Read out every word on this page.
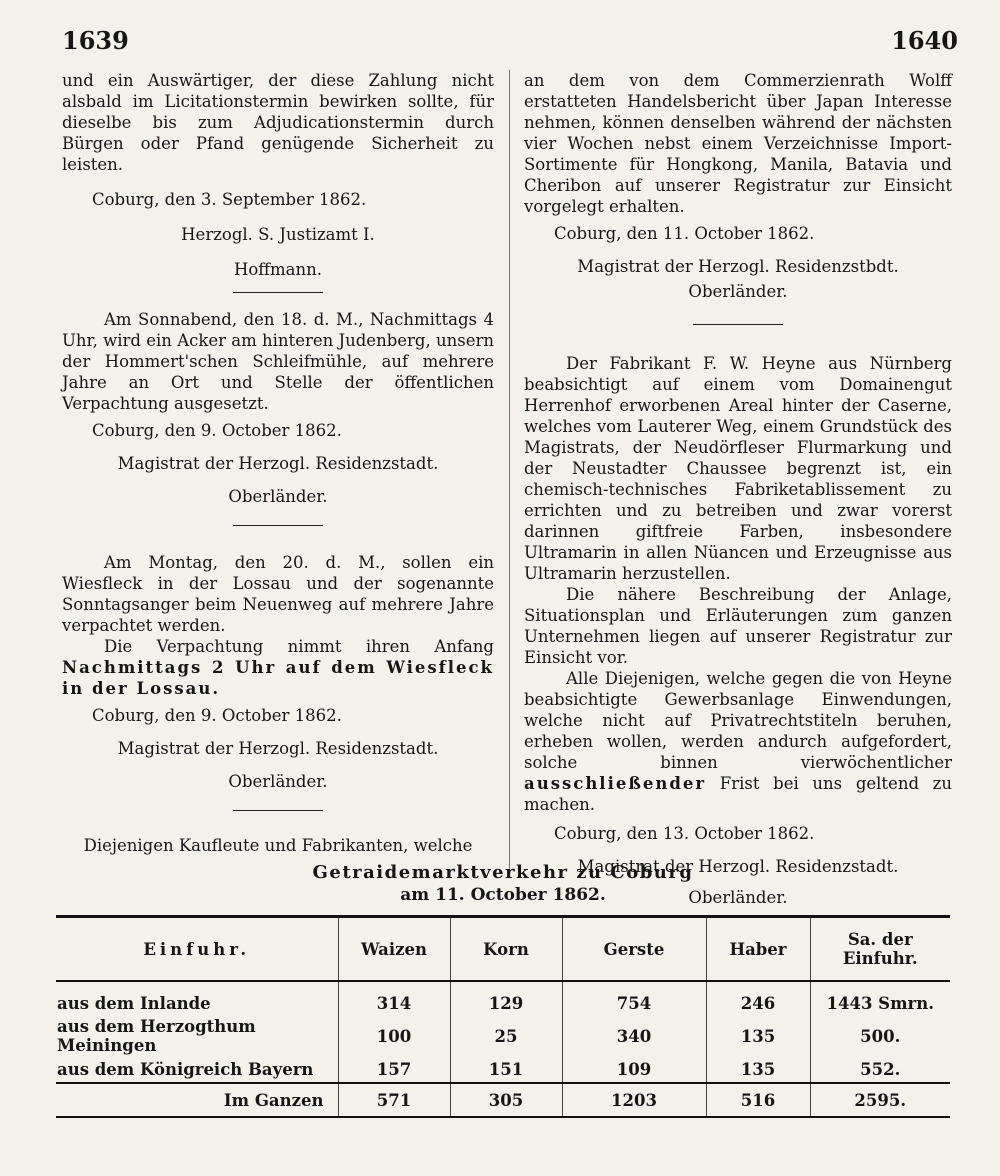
1639	1640

und ein Auswärtiger, der diese Zahlung nicht alsbald im Licitationstermin bewirken sollte, für dieselbe bis zum Adjudicationstermin durch Bürgen oder Pfand genügende Sicherheit zu leisten.

Coburg, den 3. September 1862.

Herzogl. S. Justizamt I.

Hoffmann.

Am Sonnabend, den 18. d. M., Nachmittags 4 Uhr, wird ein Acker am hinteren Judenberg, unsern der Hommert'schen Schleifmühle, auf mehrere Jahre an Ort und Stelle der öffentlichen Verpachtung ausgesetzt.

Coburg, den 9. October 1862.

Magistrat der Herzogl. Residenzstadt.

Oberländer.

Am Montag, den 20. d. M., sollen ein Wiesfleck in der Lossau und der sogenannte Sonntagsanger beim Neuenweg auf mehrere Jahre verpachtet werden.

Die Verpachtung nimmt ihren Anfang Nachmittags 2 Uhr auf dem Wiesfleck in der Lossau.

Coburg, den 9. October 1862.

Magistrat der Herzogl. Residenzstadt.

Oberländer.

Diejenigen Kaufleute und Fabrikanten, welche

an dem von dem Commerzienrath Wolff erstatteten Handelsbericht über Japan Interesse nehmen, können denselben während der nächsten vier Wochen nebst einem Verzeichnisse Import-Sortimente für Hongkong, Manila, Batavia und Cheribon auf unserer Registratur zur Einsicht vorgelegt erhalten.

Coburg, den 11. October 1862.

Magistrat der Herzogl. Residenzstbdt.

Oberländer.

Der Fabrikant F. W. Heyne aus Nürnberg beabsichtigt auf einem vom Domainengut Herrenhof erworbenen Areal hinter der Caserne, welches vom Lauterer Weg, einem Grundstück des Magistrats, der Neudörfleser Flurmarkung und der Neustadter Chaussee begrenzt ist, ein chemisch-technisches Fabriketablissement zu errichten und zu betreiben und zwar vorerst darinnen giftfreie Farben, insbesondere Ultramarin in allen Nüancen und Erzeugnisse aus Ultramarin herzustellen.

Die nähere Beschreibung der Anlage, Situationsplan und Erläuterungen zum ganzen Unternehmen liegen auf unserer Registratur zur Einsicht vor.

Alle Diejenigen, welche gegen die von Heyne beabsichtigte Gewerbsanlage Einwendungen, welche nicht auf Privatrechtstiteln beruhen, erheben wollen, werden andurch aufgefordert, solche binnen vierwöchentlicher ausschließender Frist bei uns geltend zu machen.

Coburg, den 13. October 1862.

Magistrat der Herzogl. Residenzstadt.

Oberländer.

Getraidemarktverkehr zu Coburg

am 11. October 1862.

Einfuhr.	Waizen	Korn	Gerste	Haber	Sa. der Einfuhr.

aus dem Inlande	314	129	754	246	1443 Smrn.
aus dem Herzogthum Meiningen	100	25	340	135	500.
aus dem Königreich Bayern	157	151	109	135	552.
Im Ganzen	571	305	1203	516	2595.
